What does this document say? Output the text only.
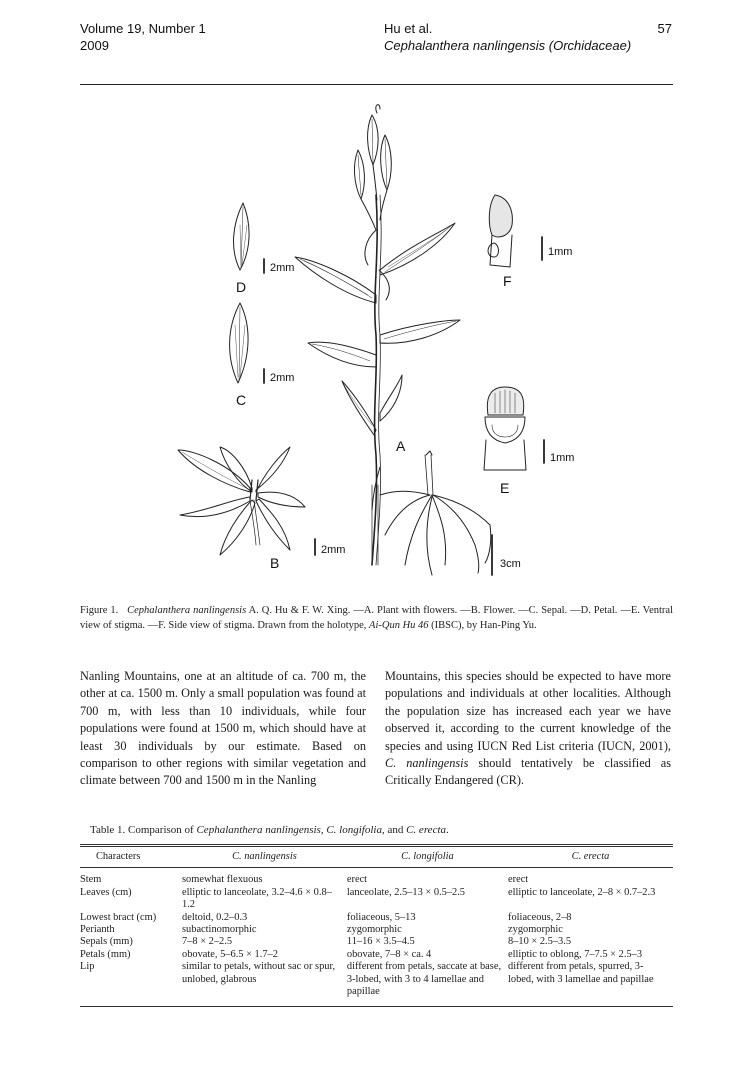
Volume 19, Number 1
2009
Hu et al.
Cephalanthera nanlingensis (Orchidaceae)
57
D
2mm
C
2mm
B
2mm
A
3cm
F
1mm
E
1mm
Figure 1. Cephalanthera nanlingensis A. Q. Hu & F. W. Xing. —A. Plant with flowers. —B. Flower. —C. Sepal. —D. Petal. —E. Ventral view of stigma. —F. Side view of stigma. Drawn from the holotype, Ai-Qun Hu 46 (IBSC), by Han-Ping Yu.
Nanling Mountains, one at an altitude of ca. 700 m, the other at ca. 1500 m. Only a small population was found at 700 m, with less than 10 individuals, while four populations were found at 1500 m, which should have at least 30 individuals by our estimate. Based on comparison to other regions with similar vegetation and climate between 700 and 1500 m in the Nanling
Mountains, this species should be expected to have more populations and individuals at other localities. Although the population size has increased each year we have observed it, according to the current knowledge of the species and using IUCN Red List criteria (IUCN, 2001), C. nanlingensis should tentatively be classified as Critically Endangered (CR).
Table 1. Comparison of Cephalanthera nanlingensis, C. longifolia, and C. erecta.
Characters	C. nanlingensis	C. longifolia	C. erecta
Stem	somewhat flexuous	erect	erect
Leaves (cm)	elliptic to lanceolate, 3.2–4.6 × 0.8–1.2	lanceolate, 2.5–13 × 0.5–2.5	elliptic to lanceolate, 2–8 × 0.7–2.3
Lowest bract (cm)	deltoid, 0.2–0.3	foliaceous, 5–13	foliaceous, 2–8
Perianth	subactinomorphic	zygomorphic	zygomorphic
Sepals (mm)	7–8 × 2–2.5	11–16 × 3.5–4.5	8–10 × 2.5–3.5
Petals (mm)	obovate, 5–6.5 × 1.7–2	obovate, 7–8 × ca. 4	elliptic to oblong, 7–7.5 × 2.5–3
Lip	similar to petals, without sac or spur, unlobed, glabrous	different from petals, saccate at base, 3-lobed, with 3 to 4 lamellae and papillae	different from petals, spurred, 3-lobed, with 3 lamellae and papillae
